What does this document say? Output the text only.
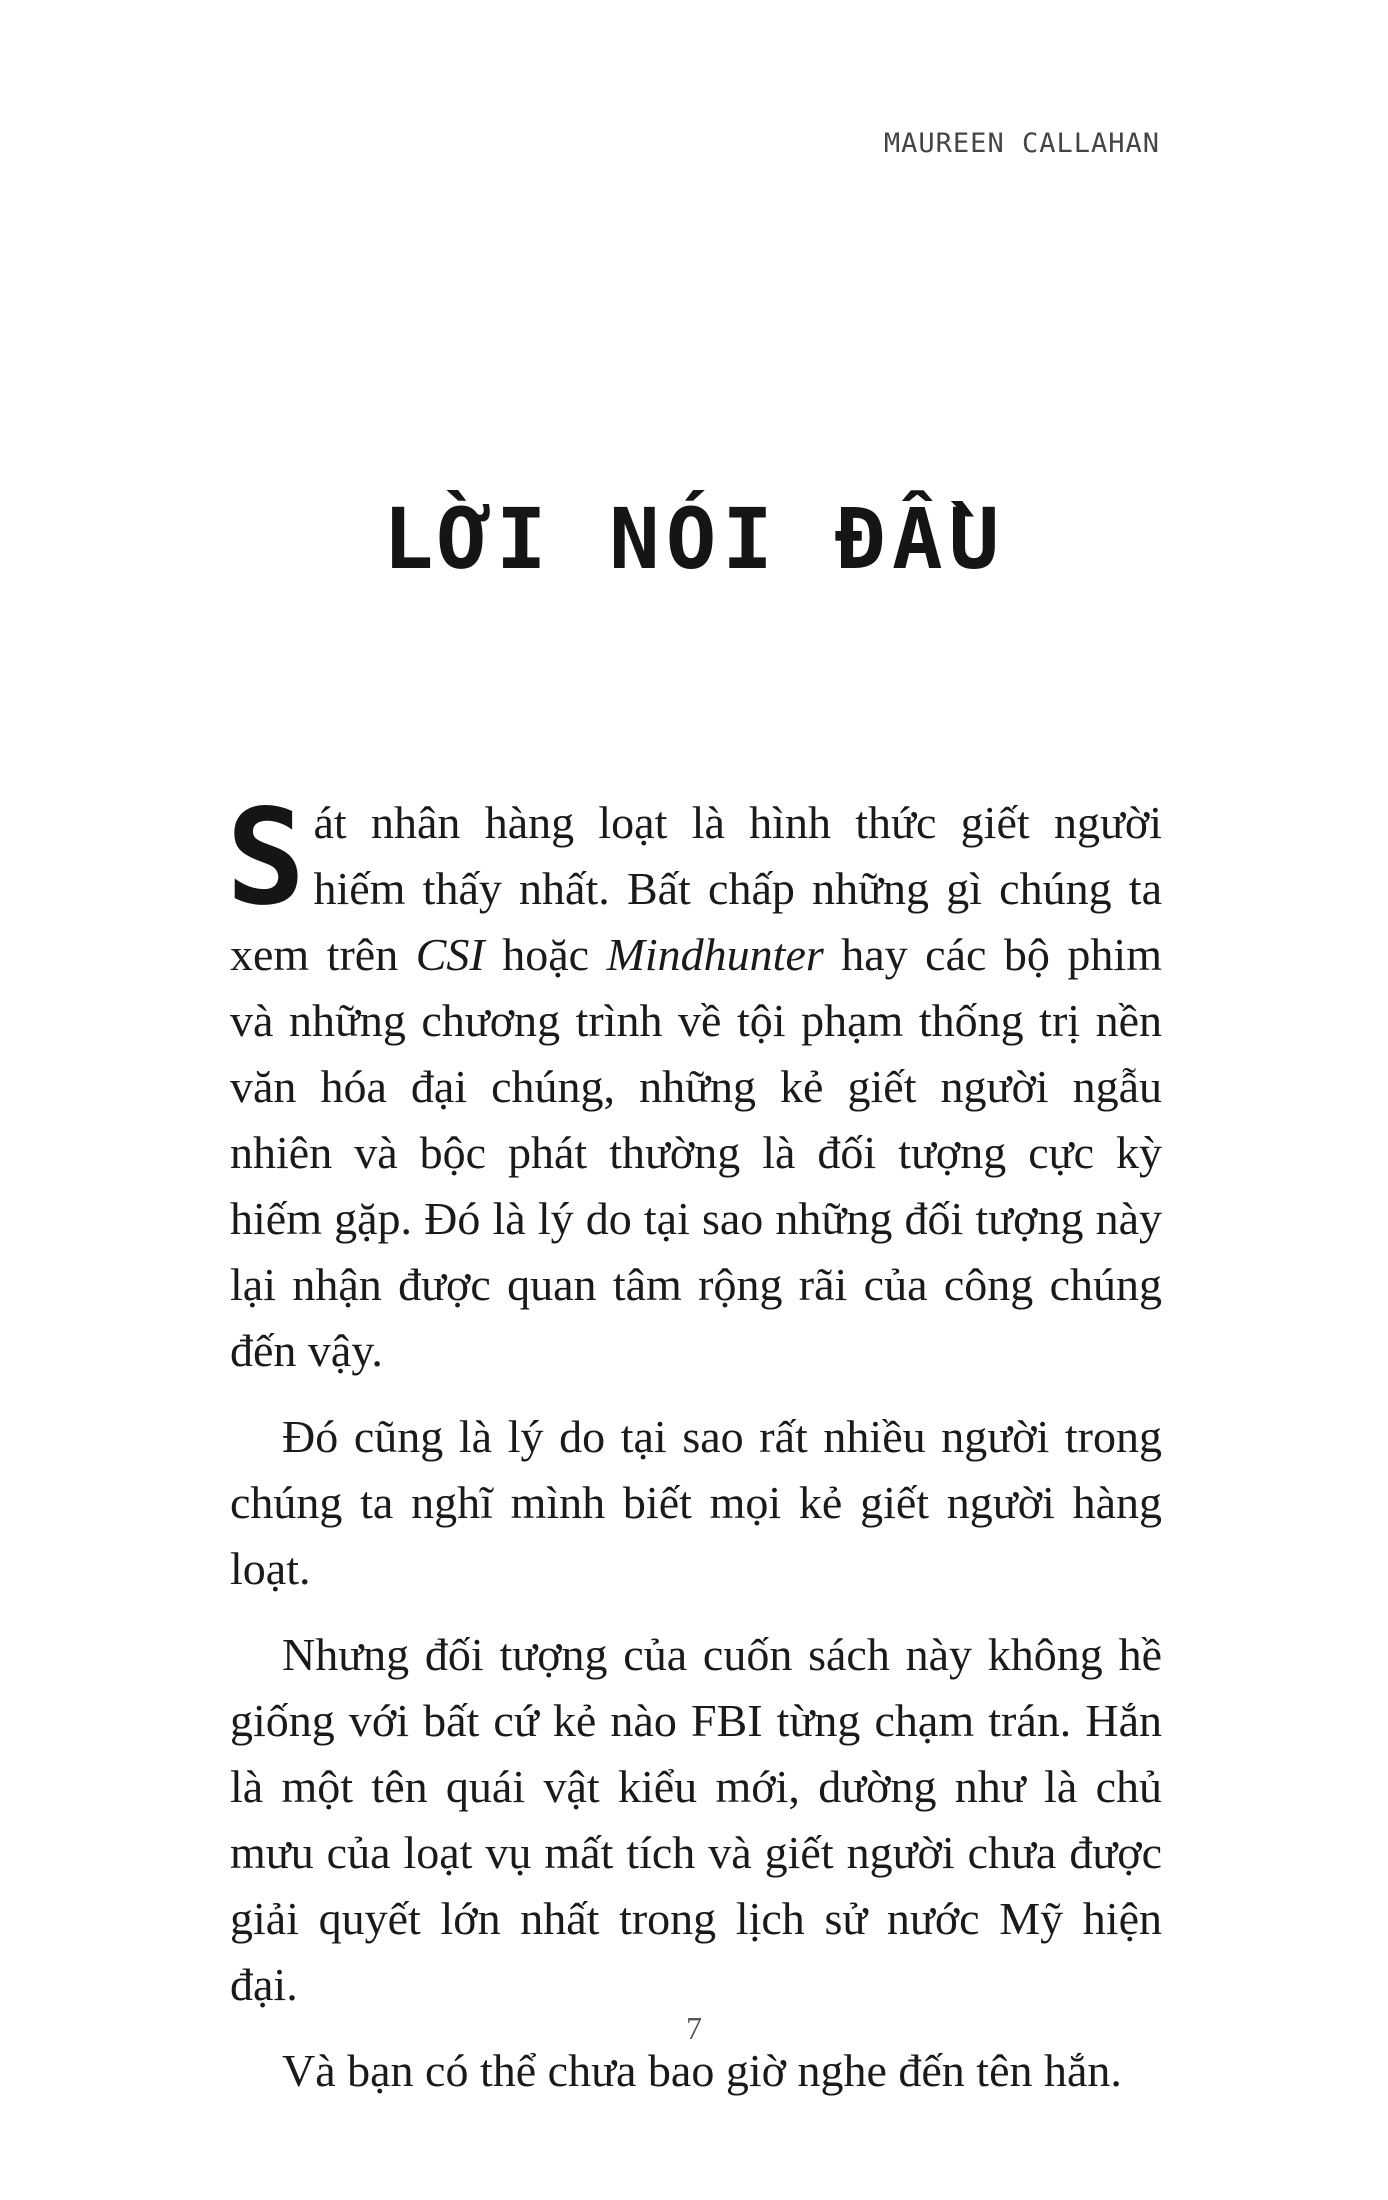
MAUREEN CALLAHAN
LỜI NÓI ĐẦU

Sát nhân hàng loạt là hình thức giết người hiếm thấy nhất. Bất chấp những gì chúng ta xem trên CSI hoặc Mindhunter hay các bộ phim và những chương trình về tội phạm thống trị nền văn hóa đại chúng, những kẻ giết người ngẫu nhiên và bộc phát thường là đối tượng cực kỳ hiếm gặp. Đó là lý do tại sao những đối tượng này lại nhận được quan tâm rộng rãi của công chúng đến vậy.

Đó cũng là lý do tại sao rất nhiều người trong chúng ta nghĩ mình biết mọi kẻ giết người hàng loạt.

Nhưng đối tượng của cuốn sách này không hề giống với bất cứ kẻ nào FBI từng chạm trán. Hắn là một tên quái vật kiểu mới, dường như là chủ mưu của loạt vụ mất tích và giết người chưa được giải quyết lớn nhất trong lịch sử nước Mỹ hiện đại.

Và bạn có thể chưa bao giờ nghe đến tên hắn.

7
